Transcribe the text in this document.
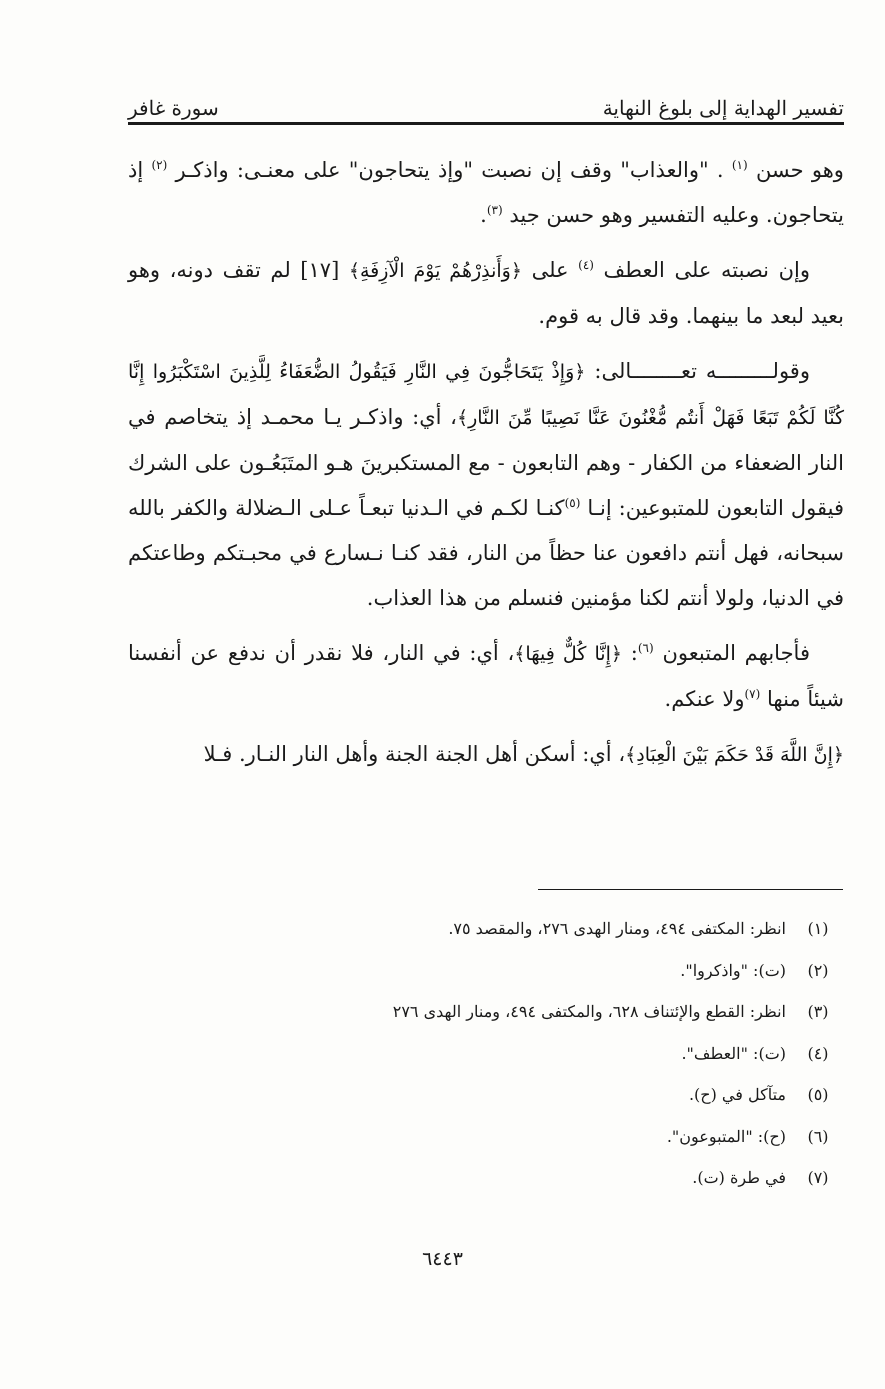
تفسير الهداية إلى بلوغ النهاية
سورة غافر

وهو حسن $^{(١)}$ . "والعذاب" وقف إن نصبت "وإذ يتحاجون" على معنـى: واذكـر $^{(٢)}$ إذ يتحاجون. وعليه التفسير وهو حسن جيد $^{(٣)}$.

وإن نصبته على العطف $^{(٤)}$ على ﴿وَأَنذِرْهُمْ يَوْمَ الْآزِفَةِ﴾ [١٧] لم تقف دونه، وهو بعيد لبعد ما بينهما. وقد قال به قوم.

وقولـــــــــه تعــــــــالى: ﴿وَإِذْ يَتَحَاجُّونَ فِي النَّارِ فَيَقُولُ الضُّعَفَاءُ لِلَّذِينَ اسْتَكْبَرُوا إِنَّا كُنَّا لَكُمْ تَبَعًا فَهَلْ أَنتُم مُّغْنُونَ عَنَّا نَصِيبًا مِّنَ النَّارِ﴾، أي: واذكـر يـا محمـد إذ يتخاصم في النار الضعفاء من الكفار - وهم التابعون - مع المستكبرينَ هـو المتَبَعُـون على الشرك فيقول التابعون للمتبوعين: إنـا $^{(٥)}$كنـا لكـم في الـدنيا تبعـاً عـلى الـضلالة والكفر بالله سبحانه، فهل أنتم دافعون عنا حظاً من النار، فقد كنـا نـسارع في محبـتكم وطاعتكم في الدنيا، ولولا أنتم لكنا مؤمنين فنسلم من هذا العذاب.

فأجابهم المتبعون $^{(٦)}$: ﴿إِنَّا كُلٌّ فِيهَا﴾، أي: في النار، فلا نقدر أن ندفع عن أنفسنا شيئاً منها $^{(٧)}$ولا عنكم.

﴿إِنَّ اللَّهَ قَدْ حَكَمَ بَيْنَ الْعِبَادِ﴾، أي: أسكن أهل الجنة الجنة وأهل النار النـار. فـلا

(١)
انظر: المكتفى ٤٩٤، ومنار الهدى ٢٧٦، والمقصد ٧٥.
(٢)
(ت): "واذكروا".
(٣)
انظر: القطع والإئتناف ٦٢٨، والمكتفى ٤٩٤، ومنار الهدى ٢٧٦
(٤)
(ت): "العطف".
(٥)
متآكل في (ح).
(٦)
(ح): "المتبوعون".
(٧)
في طرة (ت).
٦٤٤٣
